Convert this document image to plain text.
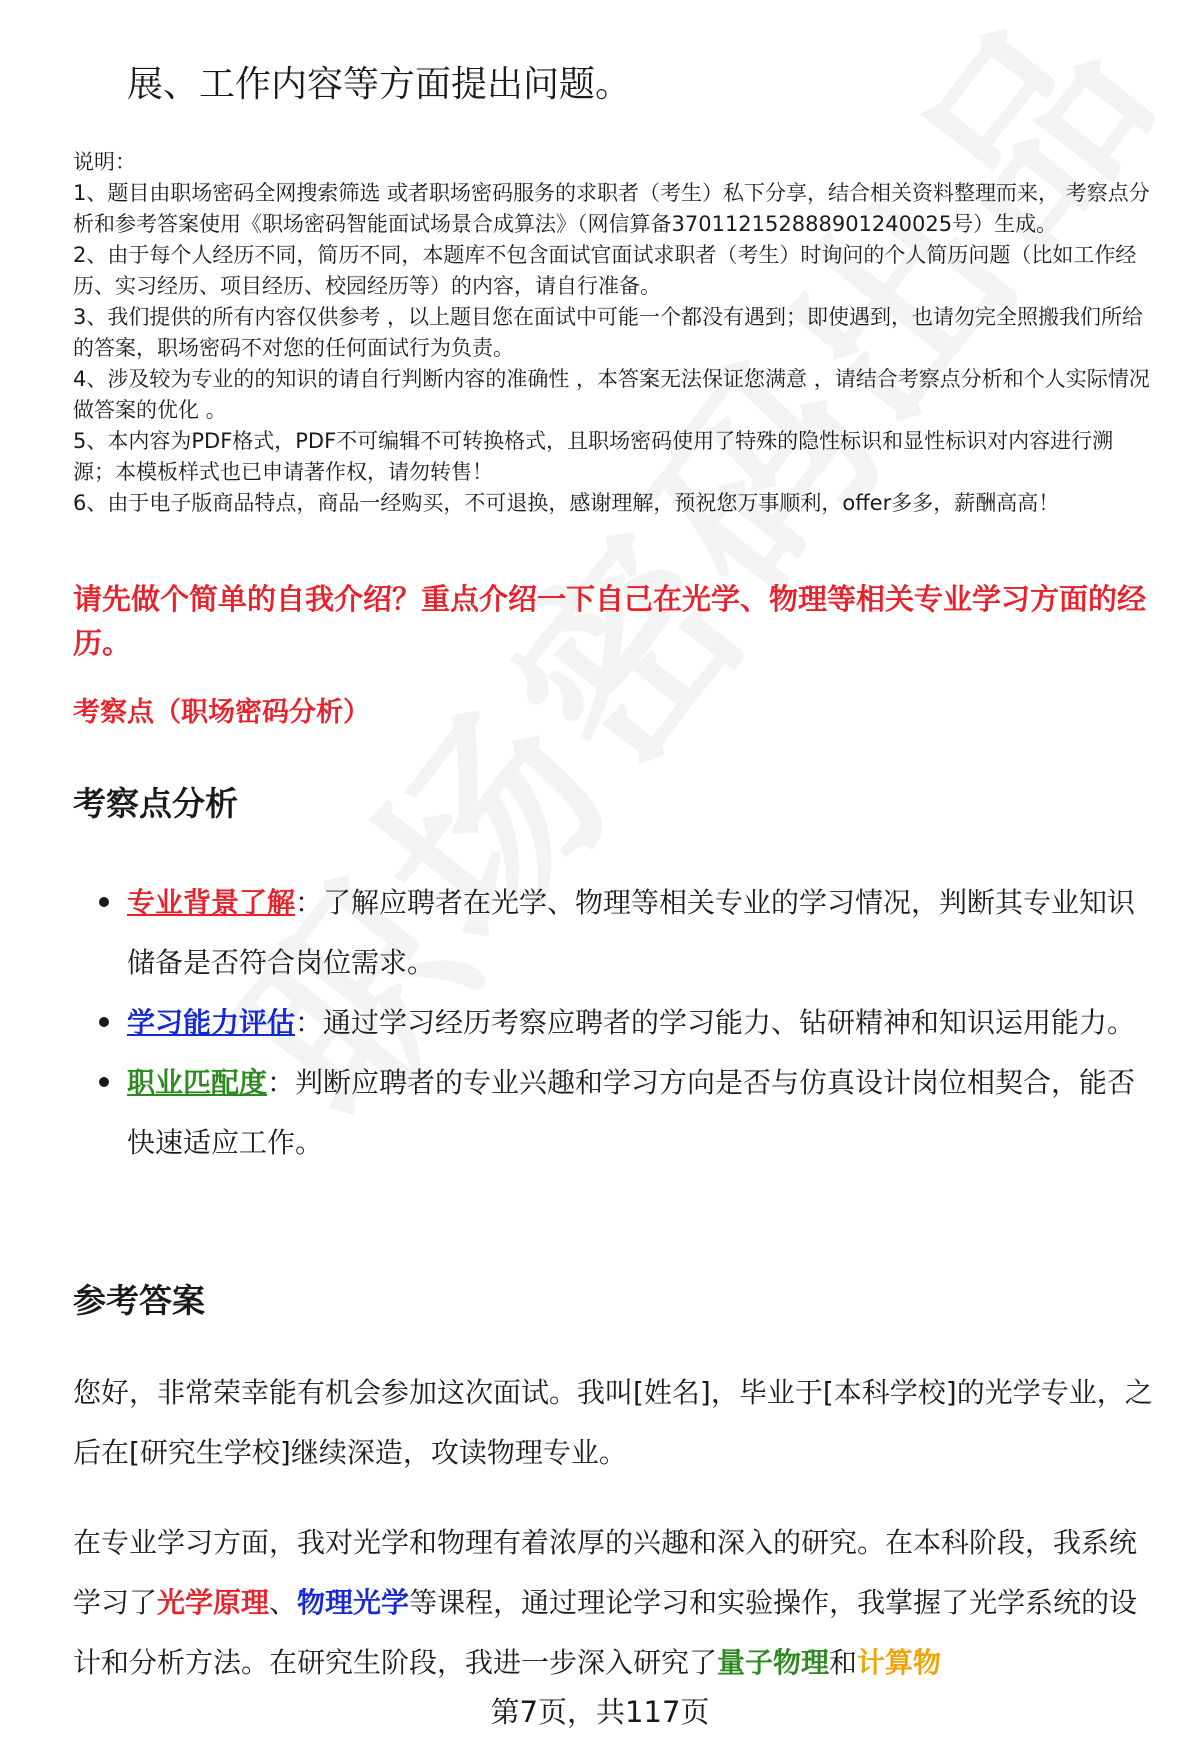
展、工作内容等方面提出问题。

说明：

1、题目由职场密码全网搜索筛选 或者职场密码服务的求职者（考生）私下分享，结合相关资料整理而来， 考察点分析和参考答案使用《职场密码智能面试场景合成算法》（网信算备370112152888901240025号）生成。

2、由于每个人经历不同，简历不同，本题库不包含面试官面试求职者（考生）时询问的个人简历问题（比如工作经历、实习经历、项目经历、校园经历等）的内容，请自行准备。

3、我们提供的所有内容仅供参考 ，以上题目您在面试中可能一个都没有遇到；即使遇到，也请勿完全照搬我们所给的答案，职场密码不对您的任何面试行为负责。

4、涉及较为专业的的知识的请自行判断内容的准确性 ，本答案无法保证您满意 ，请结合考察点分析和个人实际情况做答案的优化 。

5、本内容为PDF格式，PDF不可编辑不可转换格式，且职场密码使用了特殊的隐性标识和显性标识对内容进行溯源；本模板样式也已申请著作权，请勿转售！

6、由于电子版商品特点，商品一经购买，不可退换，感谢理解，预祝您万事顺利，offer多多，薪酬高高！

请先做个简单的自我介绍？重点介绍一下自己在光学、物理等相关专业学习方面的经历。
考察点（职场密码分析）
考察点分析
专业背景了解：了解应聘者在光学、物理等相关专业的学习情况，判断其专业知识储备是否符合岗位需求。
学习能力评估：通过学习经历考察应聘者的学习能力、钻研精神和知识运用能力。
职业匹配度：判断应聘者的专业兴趣和学习方向是否与仿真设计岗位相契合，能否快速适应工作。
参考答案

您好，非常荣幸能有机会参加这次面试。我叫[姓名]，毕业于[本科学校]的光学专业，之后在[研究生学校]继续深造，攻读物理专业。

在专业学习方面，我对光学和物理有着浓厚的兴趣和深入的研究。在本科阶段，我系统学习了光学原理、物理光学等课程，通过理论学习和实验操作，我掌握了光学系统的设计和分析方法。在研究生阶段，我进一步深入研究了量子物理和计算物

第7页，共117页
